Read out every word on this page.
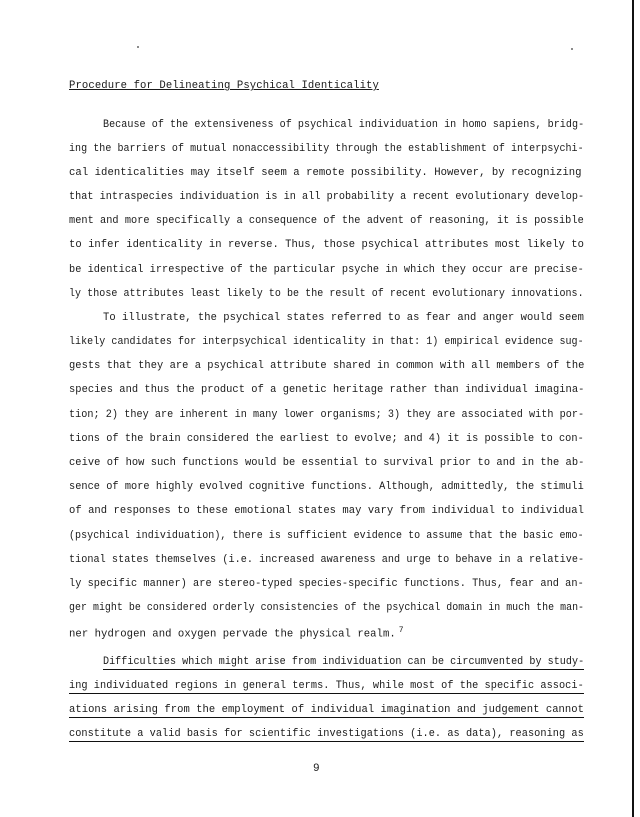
Procedure for Delineating Psychical Identicality
Because of the extensiveness of psychical individuation in homo sapiens, bridg-
ing the barriers of mutual nonaccessibility through the establishment of interpsychi-
cal identicalities may itself seem a remote possibility. However, by recognizing
that intraspecies individuation is in all probability a recent evolutionary develop-
ment and more specifically a consequence of the advent of reasoning, it is possible
to infer identicality in reverse. Thus, those psychical attributes most likely to
be identical irrespective of the particular psyche in which they occur are precise-
ly those attributes least likely to be the result of recent evolutionary innovations.
To illustrate, the psychical states referred to as fear and anger would seem
likely candidates for interpsychical identicality in that: 1) empirical evidence sug-
gests that they are a psychical attribute shared in common with all members of the
species and thus the product of a genetic heritage rather than individual imagina-
tion; 2) they are inherent in many lower organisms; 3) they are associated with por-
tions of the brain considered the earliest to evolve; and 4) it is possible to con-
ceive of how such functions would be essential to survival prior to and in the ab-
sence of more highly evolved cognitive functions. Although, admittedly, the stimuli
of and responses to these emotional states may vary from individual to individual
(psychical individuation), there is sufficient evidence to assume that the basic emo-
tional states themselves (i.e. increased awareness and urge to behave in a relative-
ly specific manner) are stereo-typed species-specific functions. Thus, fear and an-
ger might be considered orderly consistencies of the psychical domain in much the man-
ner hydrogen and oxygen pervade the physical realm. $^7$
Difficulties which might arise from individuation can be circumvented by study-
ing individuated regions in general terms. Thus, while most of the specific associ-
ations arising from the employment of individual imagination and judgement cannot
constitute a valid basis for scientific investigations (i.e. as data), reasoning as
9
